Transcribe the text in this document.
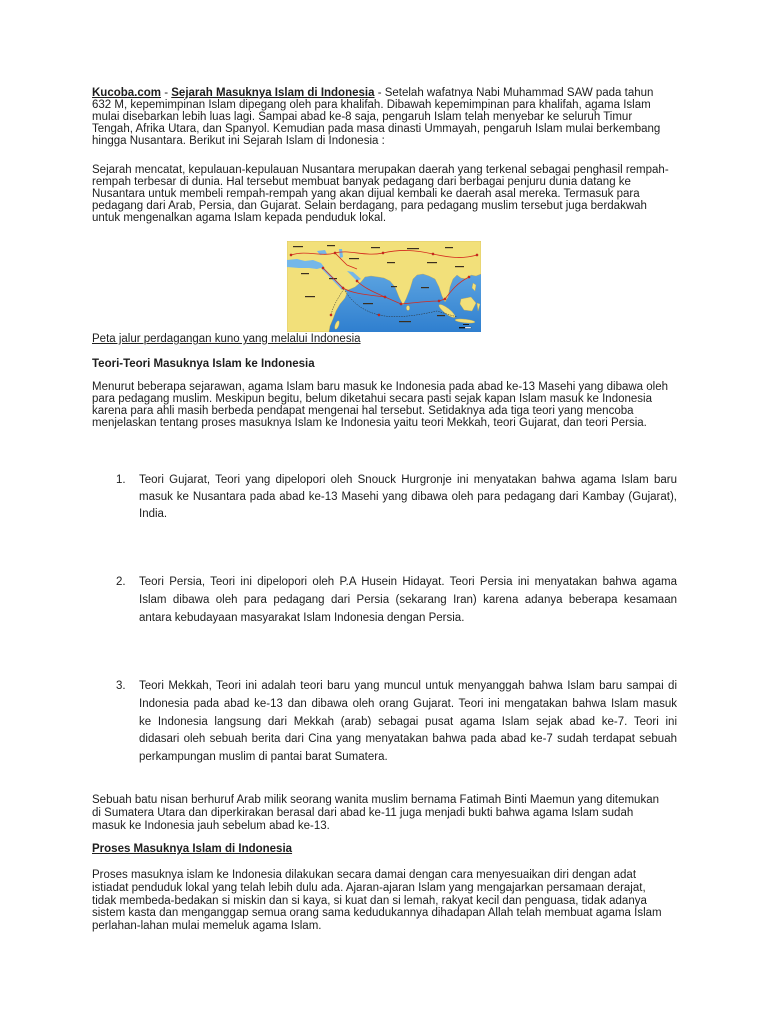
Kucoba.com - Sejarah Masuknya Islam di Indonesia - Setelah wafatnya Nabi Muhammad SAW pada tahun
632 M, kepemimpinan Islam dipegang oleh para khalifah. Dibawah kepemimpinan para khalifah, agama Islam
mulai disebarkan lebih luas lagi. Sampai abad ke-8 saja, pengaruh Islam telah menyebar ke seluruh Timur
Tengah, Afrika Utara, dan Spanyol. Kemudian pada masa dinasti Ummayah, pengaruh Islam mulai berkembang
hingga Nusantara. Berikut ini Sejarah Islam di Indonesia :
Sejarah mencatat, kepulauan-kepulauan Nusantara merupakan daerah yang terkenal sebagai penghasil rempah-
rempah terbesar di dunia. Hal tersebut membuat banyak pedagang dari berbagai penjuru dunia datang ke
Nusantara untuk membeli rempah-rempah yang akan dijual kembali ke daerah asal mereka. Termasuk para
pedagang dari Arab, Persia, dan Gujarat. Selain berdagang, para pedagang muslim tersebut juga berdakwah
untuk mengenalkan agama Islam kepada penduduk lokal.
Peta jalur perdagangan kuno yang melalui Indonesia
Teori-Teori Masuknya Islam ke Indonesia
Menurut beberapa sejarawan, agama Islam baru masuk ke Indonesia pada abad ke-13 Masehi yang dibawa oleh
para pedagang muslim. Meskipun begitu, belum diketahui secara pasti sejak kapan Islam masuk ke Indonesia
karena para ahli masih berbeda pendapat mengenai hal tersebut. Setidaknya ada tiga teori yang mencoba
menjelaskan tentang proses masuknya Islam ke Indonesia yaitu teori Mekkah, teori Gujarat, dan teori Persia.
1. Teori Gujarat, Teori yang dipelopori oleh Snouck Hurgronje ini menyatakan bahwa agama Islam baru
masuk ke Nusantara pada abad ke-13 Masehi yang dibawa oleh para pedagang dari Kambay (Gujarat),
India.
2. Teori Persia, Teori ini dipelopori oleh P.A Husein Hidayat. Teori Persia ini menyatakan bahwa agama
Islam dibawa oleh para pedagang dari Persia (sekarang Iran) karena adanya beberapa kesamaan
antara kebudayaan masyarakat Islam Indonesia dengan Persia.
3. Teori Mekkah, Teori ini adalah teori baru yang muncul untuk menyanggah bahwa Islam baru sampai di
Indonesia pada abad ke-13 dan dibawa oleh orang Gujarat. Teori ini mengatakan bahwa Islam masuk
ke Indonesia langsung dari Mekkah (arab) sebagai pusat agama Islam sejak abad ke-7. Teori ini
didasari oleh sebuah berita dari Cina yang menyatakan bahwa pada abad ke-7 sudah terdapat sebuah
perkampungan muslim di pantai barat Sumatera.
Sebuah batu nisan berhuruf Arab milik seorang wanita muslim bernama Fatimah Binti Maemun yang ditemukan
di Sumatera Utara dan diperkirakan berasal dari abad ke-11 juga menjadi bukti bahwa agama Islam sudah
masuk ke Indonesia jauh sebelum abad ke-13.
Proses Masuknya Islam di Indonesia
Proses masuknya islam ke Indonesia dilakukan secara damai dengan cara menyesuaikan diri dengan adat
istiadat penduduk lokal yang telah lebih dulu ada. Ajaran-ajaran Islam yang mengajarkan persamaan derajat,
tidak membeda-bedakan si miskin dan si kaya, si kuat dan si lemah, rakyat kecil dan penguasa, tidak adanya
sistem kasta dan menganggap semua orang sama kedudukannya dihadapan Allah telah membuat agama Islam
perlahan-lahan mulai memeluk agama Islam.
